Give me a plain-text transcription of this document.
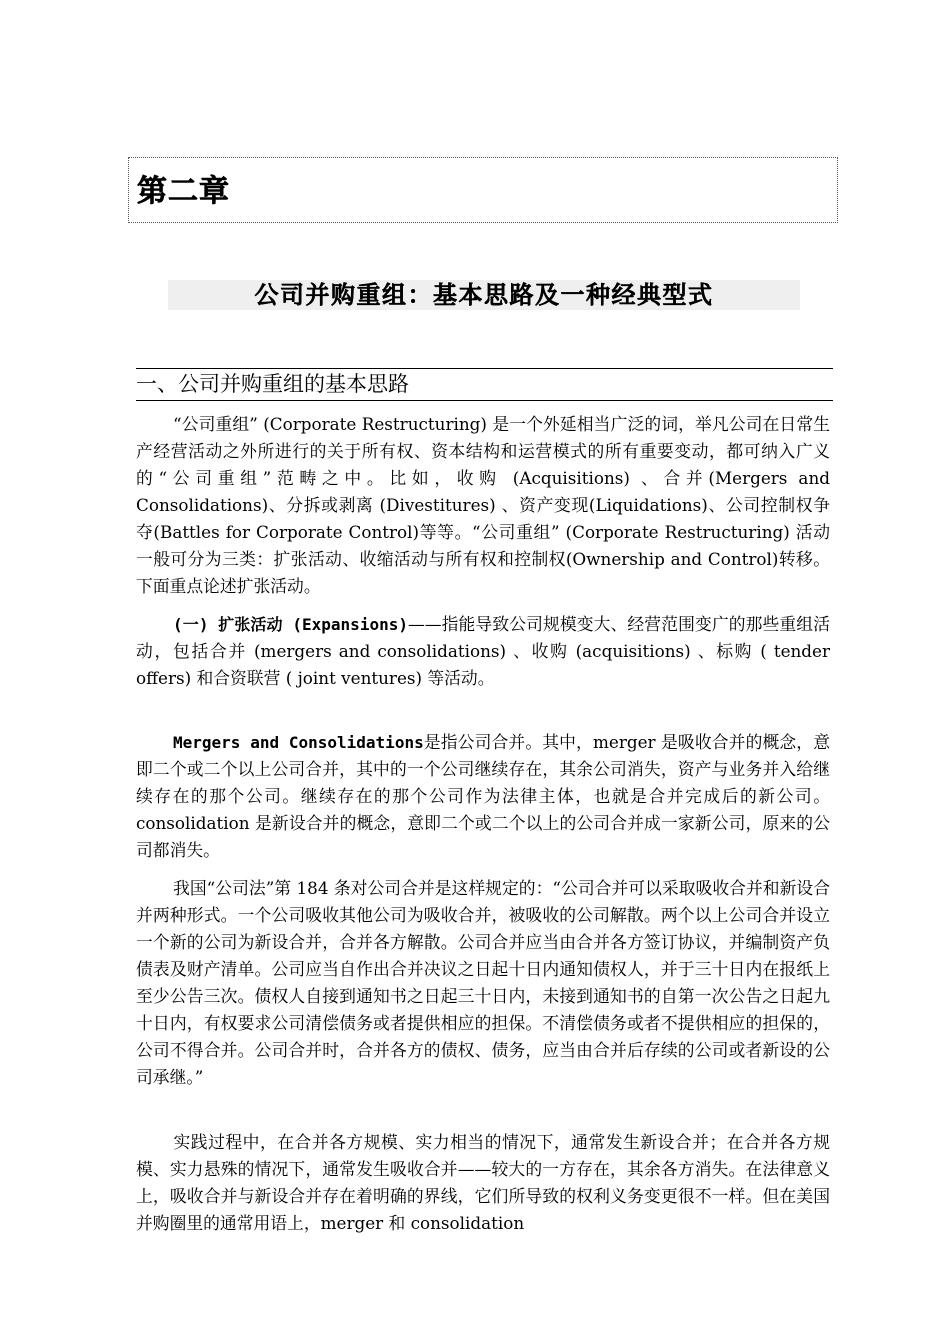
第二章
公司并购重组：基本思路及一种经典型式
一、公司并购重组的基本思路
“公司重组” (Corporate Restructuring) 是一个外延相当广泛的词，举凡公司在日常生产经营活动之外所进行的关于所有权、资本结构和运营模式的所有重要变动，都可纳入广义的“公司重组”范畴之中。比如，收购 (Acquisitions) 、合并(Mergers and Consolidations)、分拆或剥离 (Divestitures) 、资产变现(Liquidations)、公司控制权争夺(Battles for Corporate Control)等等。“公司重组” (Corporate Restructuring) 活动一般可分为三类：扩张活动、收缩活动与所有权和控制权(Ownership and Control)转移。下面重点论述扩张活动。
(一) 扩张活动 (Expansions)——指能导致公司规模变大、经营范围变广的那些重组活动，包括合并 (mergers and consolidations) 、收购 (acquisitions) 、标购 ( tender offers) 和合资联营 ( joint ventures) 等活动。
Mergers and Consolidations是指公司合并。其中，merger 是吸收合并的概念，意即二个或二个以上公司合并，其中的一个公司继续存在，其余公司消失，资产与业务并入给继续存在的那个公司。继续存在的那个公司作为法律主体，也就是合并完成后的新公司。consolidation 是新设合并的概念，意即二个或二个以上的公司合并成一家新公司，原来的公司都消失。
我国“公司法”第 184 条对公司合并是这样规定的：“公司合并可以采取吸收合并和新设合并两种形式。一个公司吸收其他公司为吸收合并，被吸收的公司解散。两个以上公司合并设立一个新的公司为新设合并，合并各方解散。公司合并应当由合并各方签订协议，并编制资产负债表及财产清单。公司应当自作出合并决议之日起十日内通知债权人，并于三十日内在报纸上至少公告三次。债权人自接到通知书之日起三十日内，未接到通知书的自第一次公告之日起九十日内，有权要求公司清偿债务或者提供相应的担保。不清偿债务或者不提供相应的担保的，公司不得合并。公司合并时，合并各方的债权、债务，应当由合并后存续的公司或者新设的公司承继。”
实践过程中，在合并各方规模、实力相当的情况下，通常发生新设合并；在合并各方规模、实力悬殊的情况下，通常发生吸收合并——较大的一方存在，其余各方消失。在法律意义上，吸收合并与新设合并存在着明确的界线，它们所导致的权利义务变更很不一样。但在美国并购圈里的通常用语上，merger 和 consolidation
